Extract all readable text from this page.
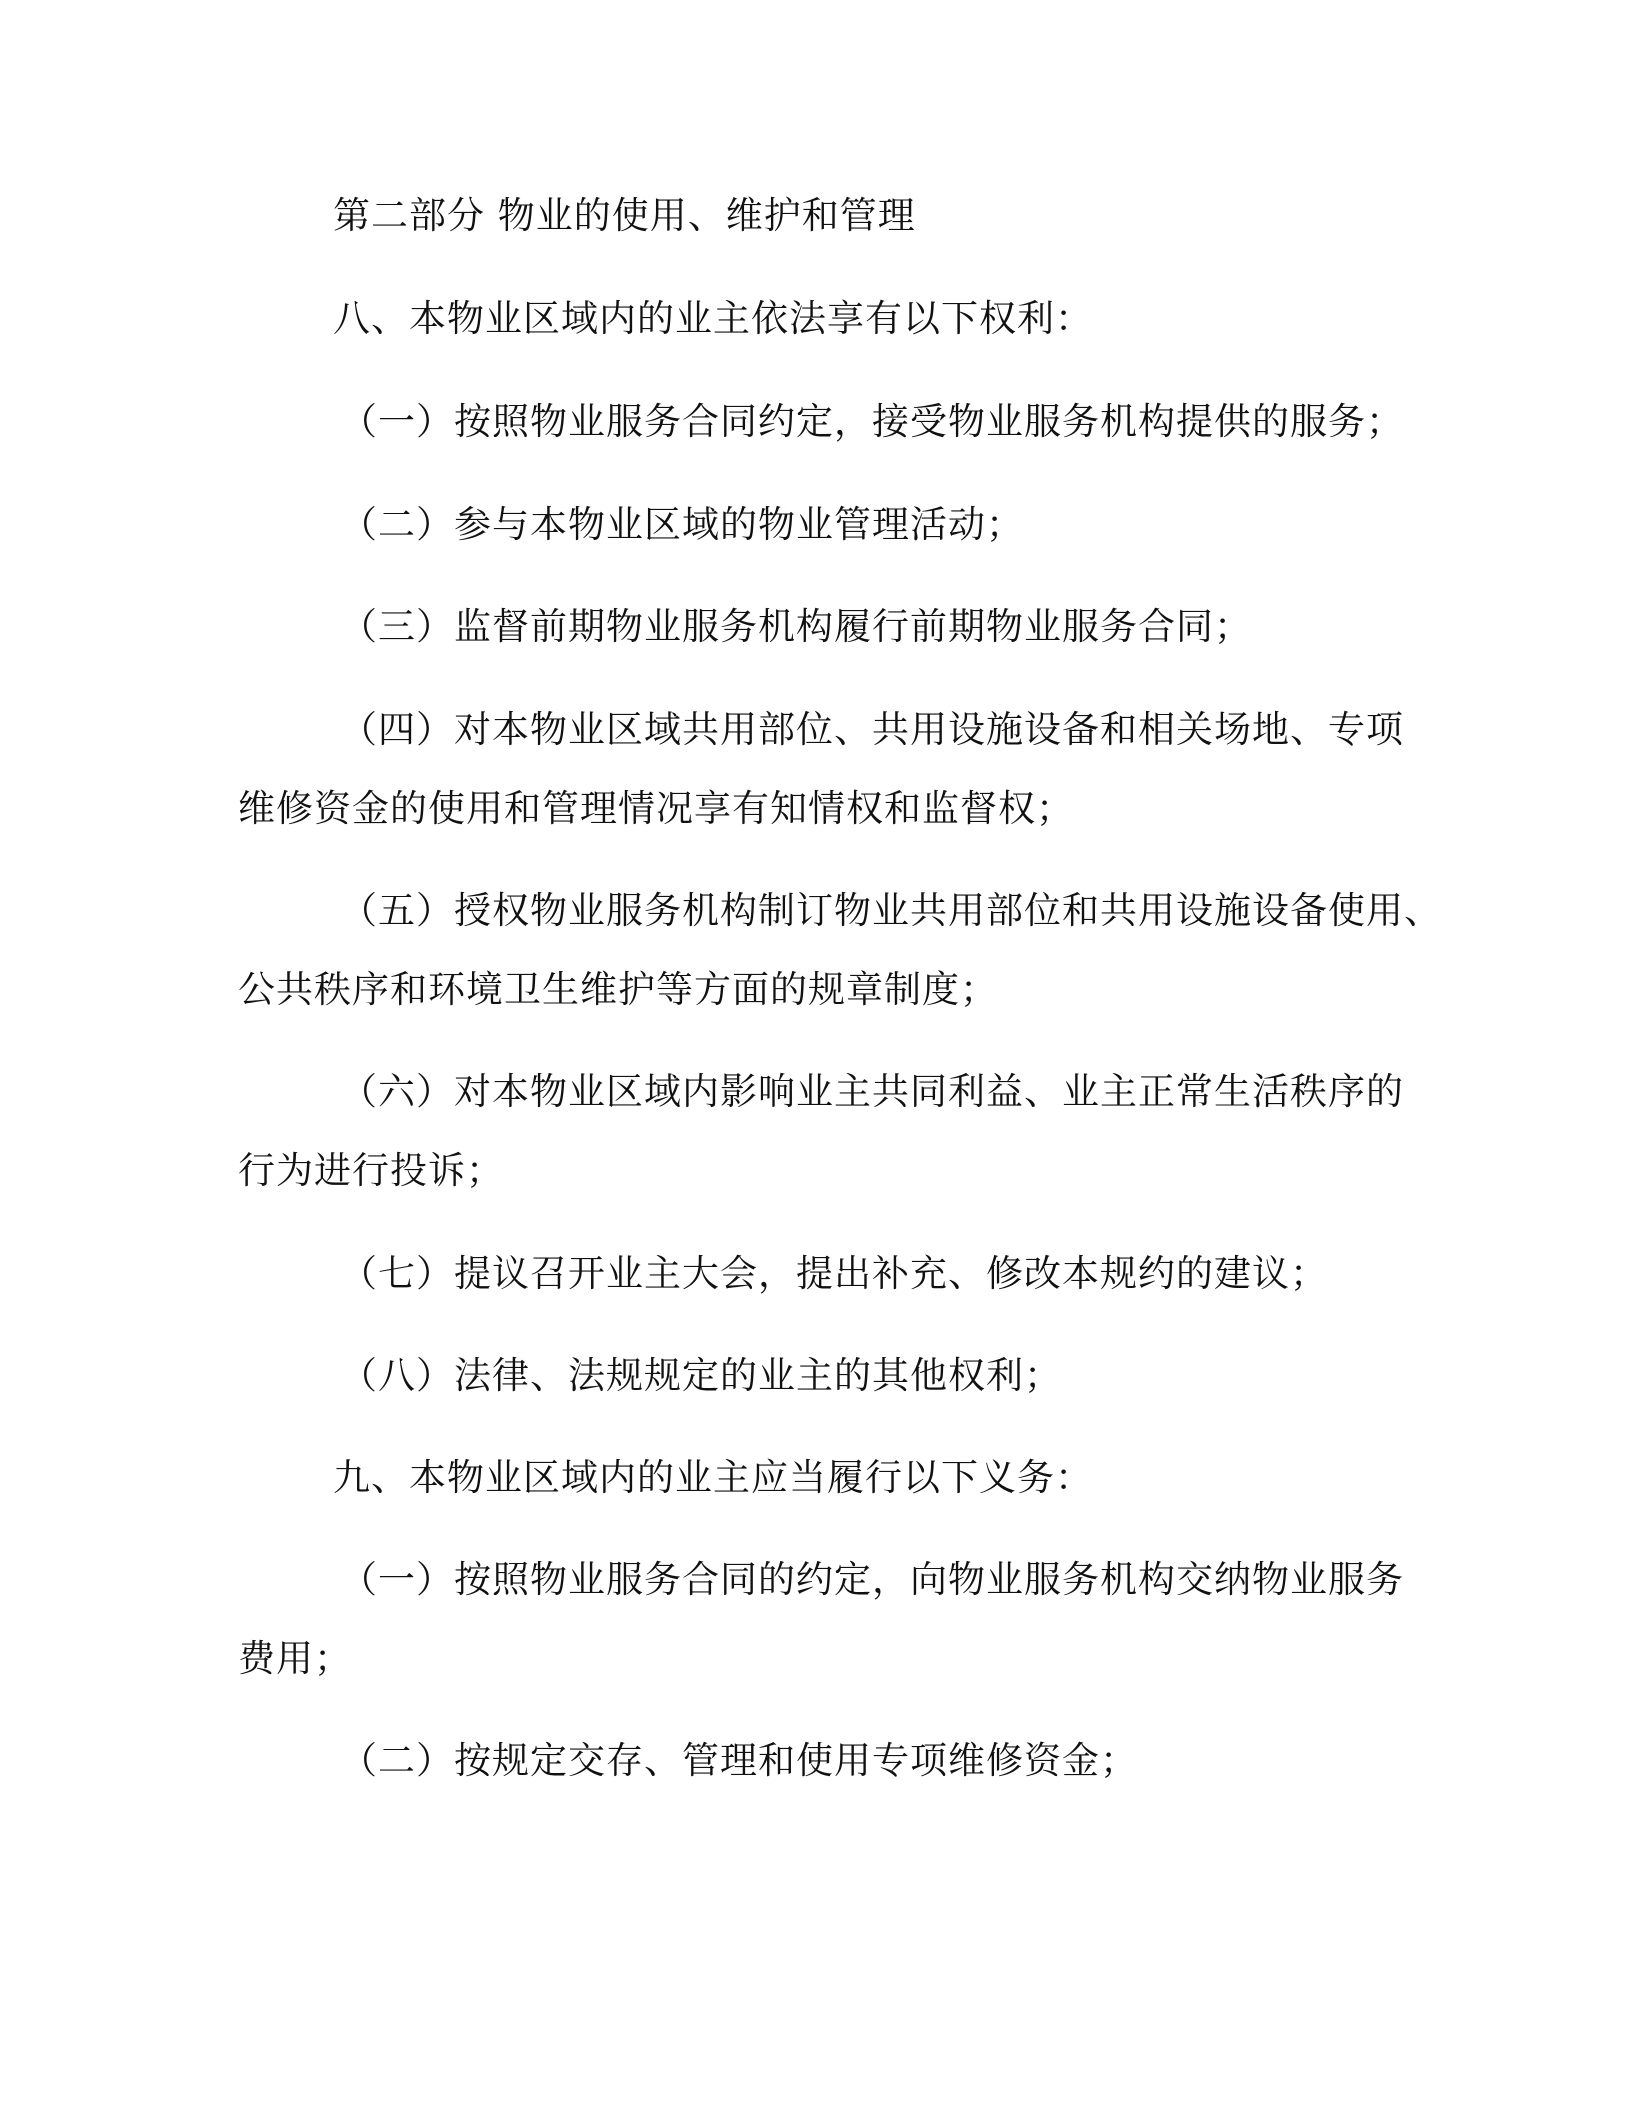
第二部分 物业的使用、维护和管理
八、本物业区域内的业主依法享有以下权利：
（一）按照物业服务合同约定，接受物业服务机构提供的服务；
（二）参与本物业区域的物业管理活动；
（三）监督前期物业服务机构履行前期物业服务合同；
（四）对本物业区域共用部位、共用设施设备和相关场地、专项
维修资金的使用和管理情况享有知情权和监督权；
（五）授权物业服务机构制订物业共用部位和共用设施设备使用、
公共秩序和环境卫生维护等方面的规章制度；
（六）对本物业区域内影响业主共同利益、业主正常生活秩序的
行为进行投诉；
（七）提议召开业主大会，提出补充、修改本规约的建议；
（八）法律、法规规定的业主的其他权利；
九、本物业区域内的业主应当履行以下义务：
（一）按照物业服务合同的约定，向物业服务机构交纳物业服务
费用；
（二）按规定交存、管理和使用专项维修资金；
